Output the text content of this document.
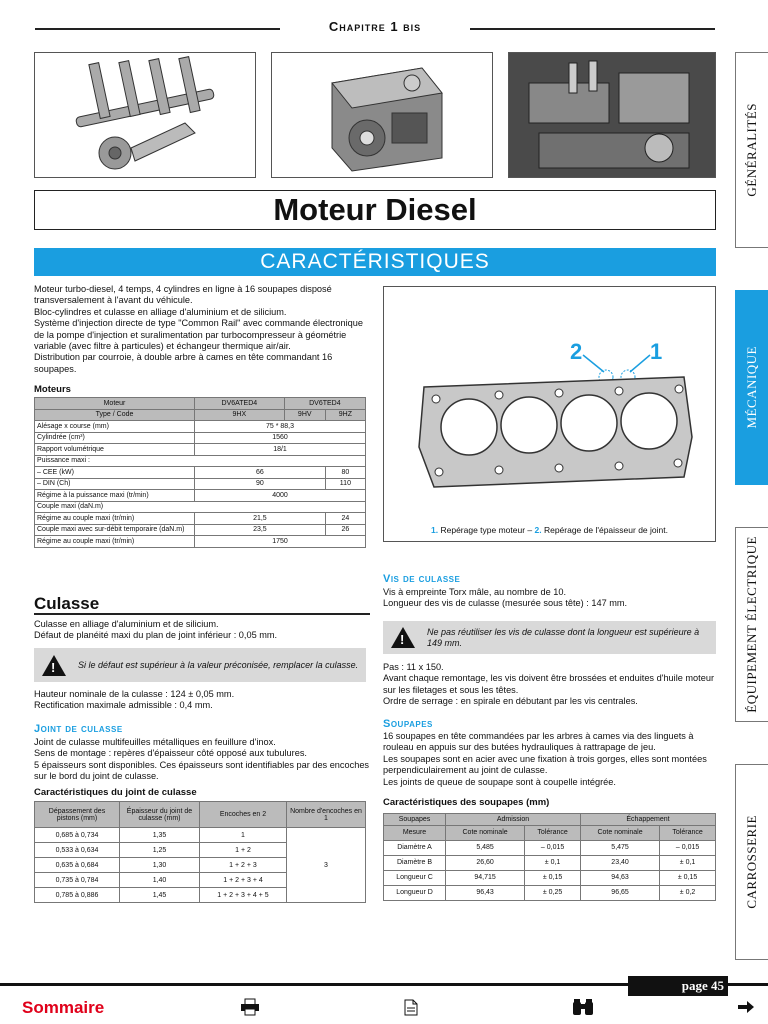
Chapitre 1 bis
Moteur Diesel
CARACTÉRISTIQUES

Moteur turbo-diesel, 4 temps, 4 cylindres en ligne à 16 soupapes disposé transversalement à l'avant du véhicule.

Bloc-cylindres et culasse en alliage d'aluminium et de silicium.

Système d'injection directe de type "Common Rail" avec commande électronique de la pompe d'injection et suralimentation par turbocompresseur à géométrie variable (avec filtre à particules) et échangeur thermique air/air.

Distribution par courroie, à double arbre à cames en tête commandant 16 soupapes.

Moteurs
Moteur	DV6ATED4	DV6TED4	
Type / Code	9HX	9HV	9HZ
Alésage x course (mm)	75 * 88,3		
Cylindrée (cm³)	1560		
Rapport volumétrique	18/1		
Puissance maxi :			
– CEE (kW)	66		80
– DIN (Ch)	90		110
Régime à la puissance maxi (tr/min)	4000		
Couple maxi (daN.m)			
Régime au couple maxi (tr/min)	21,5		24
Couple maxi avec sur-débit temporaire (daN.m)	23,5		26
Régime au couple maxi (tr/min)	1750		
Culasse

Culasse en alliage d'aluminium et de silicium.

Défaut de planéité maxi du plan de joint inférieur : 0,05 mm.

!
Si le défaut est supérieur à la valeur préconisée, remplacer la culasse.

Hauteur nominale de la culasse : 124 ± 0,05 mm.

Rectification maximale admissible : 0,4 mm.

Joint de culasse

Joint de culasse multifeuilles métalliques en feuillure d'inox.

Sens de montage : repères d'épaisseur côté opposé aux tubulures.

5 épaisseurs sont disponibles. Ces épaisseurs sont identifiables par des encoches sur le bord du joint de culasse.

Caractéristiques du joint de culasse
Dépassement des pistons (mm)	Épaisseur du joint de culasse (mm)	Encoches en 2	Nombre d'encoches en 1
0,685 à 0,734	1,35	1	3
0,533 à 0,634	1,25	1 + 2	
0,635 à 0,684	1,30	1 + 2 + 3	
0,735 à 0,784	1,40	1 + 2 + 3 + 4	
0,785 à 0,886	1,45	1 + 2 + 3 + 4 + 5	
2	1
1. Repérage type moteur – 2. Repérage de l'épaisseur de joint.
Vis de culasse

Vis à empreinte Torx mâle, au nombre de 10.

Longueur des vis de culasse (mesurée sous tête) : 147 mm.

!
Ne pas réutiliser les vis de culasse dont la longueur est supérieure à 149 mm.

Pas : 11 x 150.

Avant chaque remontage, les vis doivent être brossées et enduites d'huile moteur sur les filetages et sous les têtes.

Ordre de serrage : en spirale en débutant par les vis centrales.

Soupapes

16 soupapes en tête commandées par les arbres à cames via des linguets à rouleau en appuis sur des butées hydrauliques à rattrapage de jeu.

Les soupapes sont en acier avec une fixation à trois gorges, elles sont montées perpendiculairement au joint de culasse.

Les joints de queue de soupape sont à coupelle intégrée.

Caractéristiques des soupapes (mm)
Soupapes	Admission		Échappement	
Mesure	Cote nominale	Tolérance	Cote nominale	Tolérance
Diamètre A	5,485	– 0,015	5,475	– 0,015
Diamètre B	26,60	± 0,1	23,40	± 0,1
Longueur C	94,715	± 0,15	94,63	± 0,15
Longueur D	96,43	± 0,25	96,65	± 0,2
GÉNÉRALITÉS
MÉCANIQUE
ÉQUIPEMENT ÉLECTRIQUE
CARROSSERIE
page 45
Sommaire
